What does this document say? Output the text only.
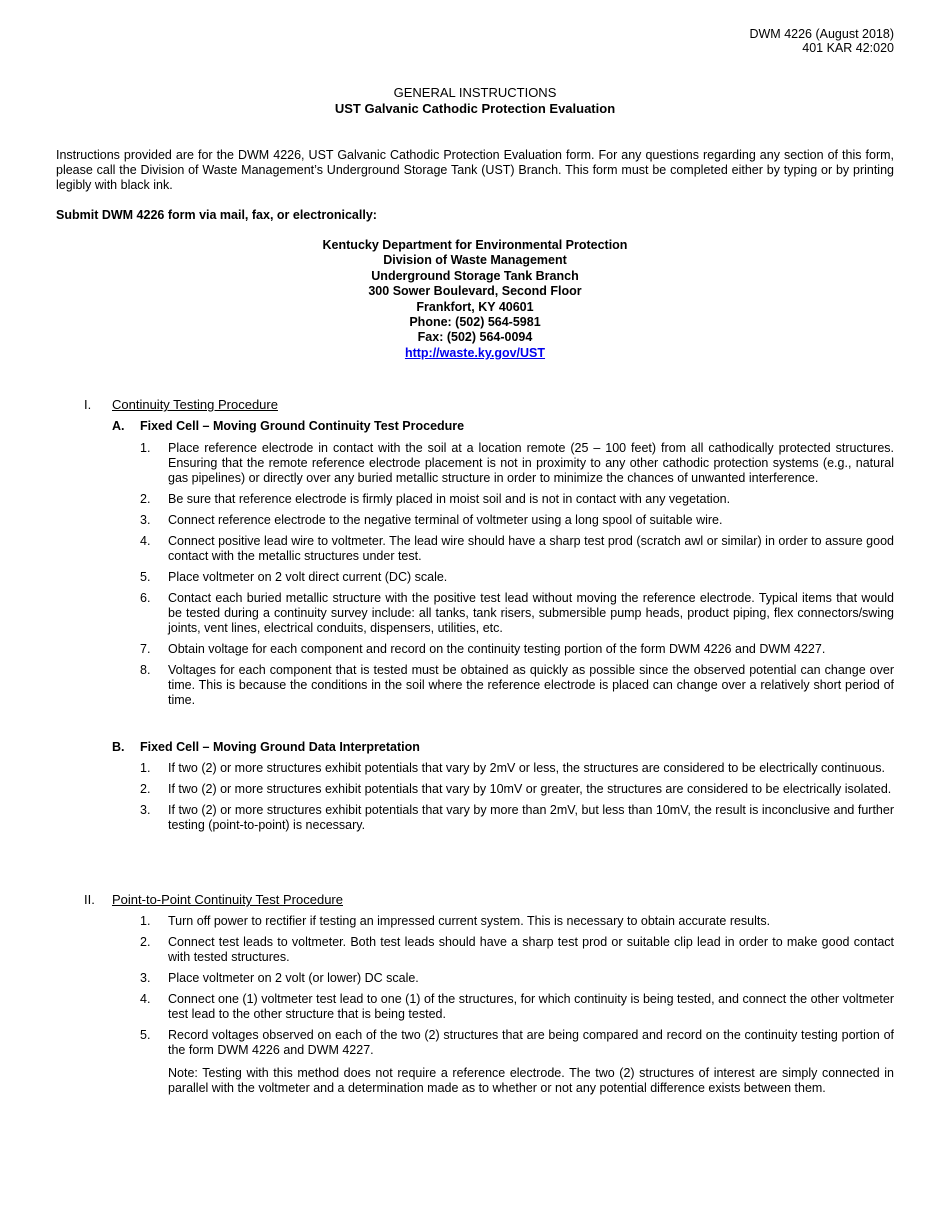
DWM 4226 (August 2018)
401 KAR 42:020
GENERAL INSTRUCTIONS
UST Galvanic Cathodic Protection Evaluation
Instructions provided are for the DWM 4226, UST Galvanic Cathodic Protection Evaluation form. For any questions regarding any section of this form, please call the Division of Waste Management’s Underground Storage Tank (UST) Branch. This form must be completed either by typing or by printing legibly with black ink.
Submit DWM 4226 form via mail, fax, or electronically:
Kentucky Department for Environmental Protection
Division of Waste Management
Underground Storage Tank Branch
300 Sower Boulevard, Second Floor
Frankfort, KY 40601
Phone: (502) 564-5981
Fax: (502) 564-0094
http://waste.ky.gov/UST
I. Continuity Testing Procedure
A. Fixed Cell – Moving Ground Continuity Test Procedure
1. Place reference electrode in contact with the soil at a location remote (25 – 100 feet) from all cathodically protected structures. Ensuring that the remote reference electrode placement is not in proximity to any other cathodic protection systems (e.g., natural gas pipelines) or directly over any buried metallic structure in order to minimize the chances of unwanted interference.
2. Be sure that reference electrode is firmly placed in moist soil and is not in contact with any vegetation.
3. Connect reference electrode to the negative terminal of voltmeter using a long spool of suitable wire.
4. Connect positive lead wire to voltmeter. The lead wire should have a sharp test prod (scratch awl or similar) in order to assure good contact with the metallic structures under test.
5. Place voltmeter on 2 volt direct current (DC) scale.
6. Contact each buried metallic structure with the positive test lead without moving the reference electrode. Typical items that would be tested during a continuity survey include: all tanks, tank risers, submersible pump heads, product piping, flex connectors/swing joints, vent lines, electrical conduits, dispensers, utilities, etc.
7. Obtain voltage for each component and record on the continuity testing portion of the form DWM 4226 and DWM 4227.
8. Voltages for each component that is tested must be obtained as quickly as possible since the observed potential can change over time. This is because the conditions in the soil where the reference electrode is placed can change over a relatively short period of time.
B. Fixed Cell – Moving Ground Data Interpretation
1. If two (2) or more structures exhibit potentials that vary by 2mV or less, the structures are considered to be electrically continuous.
2. If two (2) or more structures exhibit potentials that vary by 10mV or greater, the structures are considered to be electrically isolated.
3. If two (2) or more structures exhibit potentials that vary by more than 2mV, but less than 10mV, the result is inconclusive and further testing (point-to-point) is necessary.
II. Point-to-Point Continuity Test Procedure
1. Turn off power to rectifier if testing an impressed current system. This is necessary to obtain accurate results.
2. Connect test leads to voltmeter. Both test leads should have a sharp test prod or suitable clip lead in order to make good contact with tested structures.
3. Place voltmeter on 2 volt (or lower) DC scale.
4. Connect one (1) voltmeter test lead to one (1) of the structures, for which continuity is being tested, and connect the other voltmeter test lead to the other structure that is being tested.
5. Record voltages observed on each of the two (2) structures that are being compared and record on the continuity testing portion of the form DWM 4226 and DWM 4227.
Note: Testing with this method does not require a reference electrode. The two (2) structures of interest are simply connected in parallel with the voltmeter and a determination made as to whether or not any potential difference exists between them.
